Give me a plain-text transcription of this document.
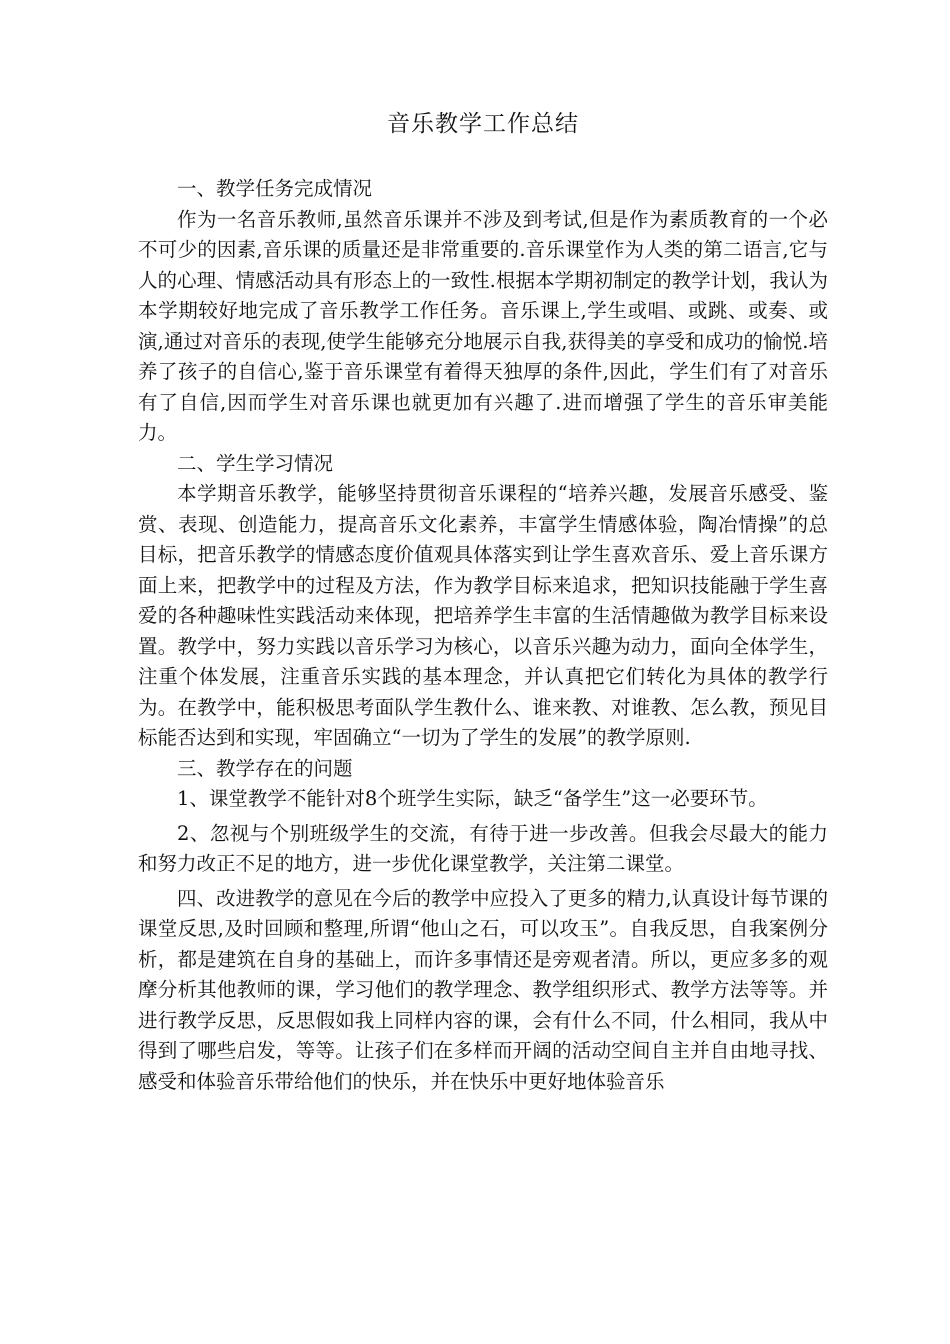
音乐教学工作总结

一、教学任务完成情况

作为一名音乐教师,虽然音乐课并不涉及到考试,但是作为素质教育的一个必不可少的因素,音乐课的质量还是非常重要的.音乐课堂作为人类的第二语言,它与人的心理、情感活动具有形态上的一致性.根据本学期初制定的教学计划，我认为本学期较好地完成了音乐教学工作任务。音乐课上,学生或唱、或跳、或奏、或演,通过对音乐的表现,使学生能够充分地展示自我,获得美的享受和成功的愉悦.培养了孩子的自信心,鉴于音乐课堂有着得天独厚的条件,因此，学生们有了对音乐有了自信,因而学生对音乐课也就更加有兴趣了.进而增强了学生的音乐审美能力。

二、学生学习情况

本学期音乐教学，能够坚持贯彻音乐课程的“培养兴趣，发展音乐感受、鉴赏、表现、创造能力，提高音乐文化素养，丰富学生情感体验，陶冶情操”的总目标，把音乐教学的情感态度价值观具体落实到让学生喜欢音乐、爱上音乐课方面上来，把教学中的过程及方法，作为教学目标来追求，把知识技能融于学生喜爱的各种趣味性实践活动来体现，把培养学生丰富的生活情趣做为教学目标来设置。教学中，努力实践以音乐学习为核心，以音乐兴趣为动力，面向全体学生，注重个体发展，注重音乐实践的基本理念，并认真把它们转化为具体的教学行为。在教学中，能积极思考面队学生教什么、谁来教、对谁教、怎么教，预见目标能否达到和实现，牢固确立“一切为了学生的发展”的教学原则.

三、教学存在的问题

1、课堂教学不能针对8个班学生实际，缺乏“备学生”这一必要环节。

2、忽视与个别班级学生的交流，有待于进一步改善。但我会尽最大的能力和努力改正不足的地方，进一步优化课堂教学，关注第二课堂。

四、改进教学的意见在今后的教学中应投入了更多的精力,认真设计每节课的课堂反思,及时回顾和整理,所谓“他山之石，可以攻玉”。自我反思，自我案例分析，都是建筑在自身的基础上，而许多事情还是旁观者清。所以，更应多多的观摩分析其他教师的课，学习他们的教学理念、教学组织形式、教学方法等等。并进行教学反思，反思假如我上同样内容的课，会有什么不同，什么相同，我从中得到了哪些启发，等等。让孩子们在多样而开阔的活动空间自主并自由地寻找、感受和体验音乐带给他们的快乐，并在快乐中更好地体验音乐
